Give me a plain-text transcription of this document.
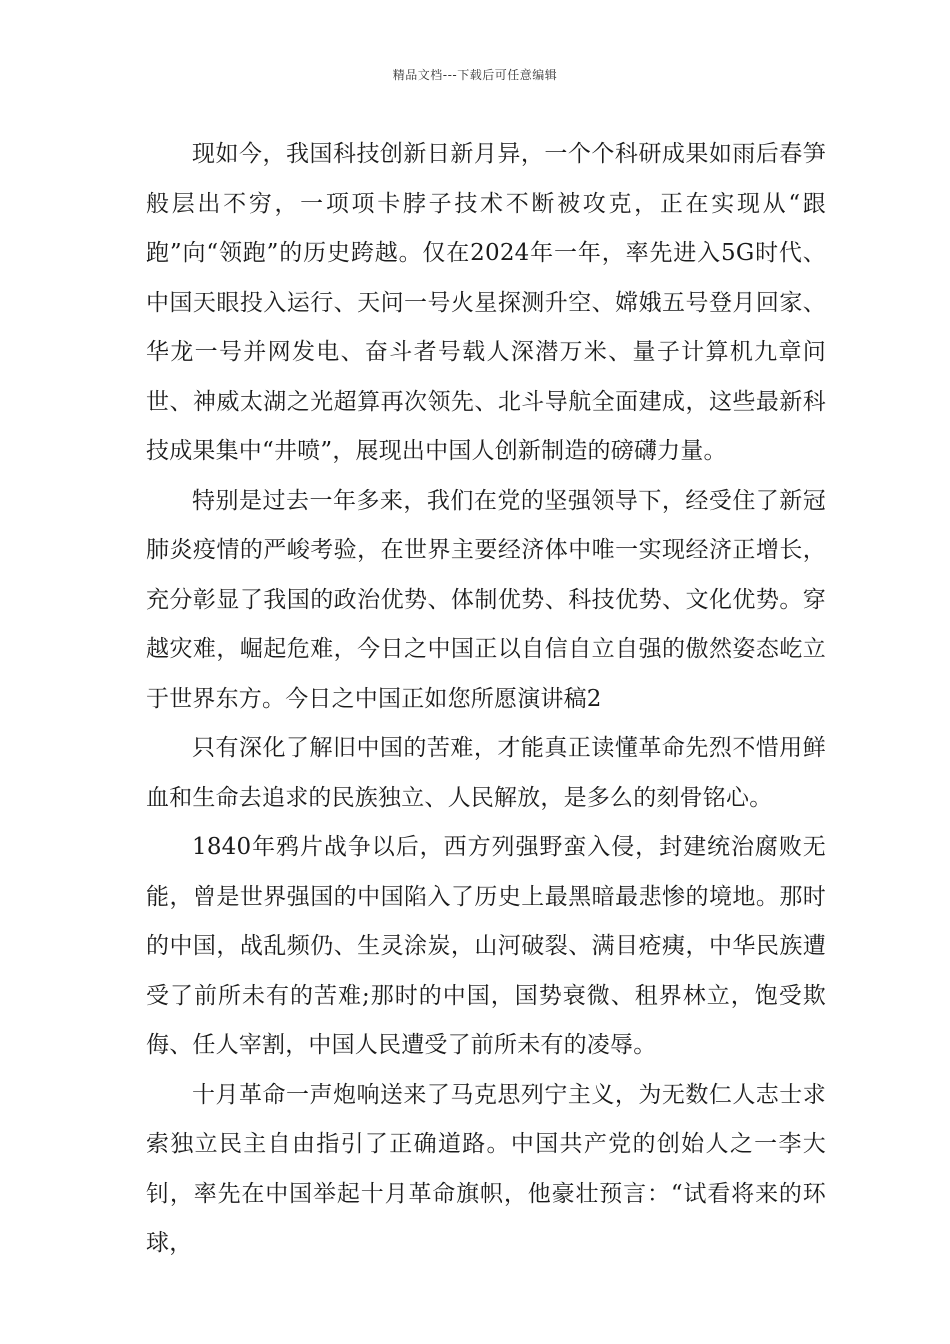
精品文档---下载后可任意编辑

现如今，我国科技创新日新月异，一个个科研成果如雨后春笋般层出不穷，一项项卡脖子技术不断被攻克，正在实现从“跟跑”向“领跑”的历史跨越。仅在2024年一年，率先进入5G时代、中国天眼投入运行、天问一号火星探测升空、嫦娥五号登月回家、华龙一号并网发电、奋斗者号载人深潜万米、量子计算机九章问世、神威太湖之光超算再次领先、北斗导航全面建成，这些最新科技成果集中“井喷”，展现出中国人创新制造的磅礴力量。

特别是过去一年多来，我们在党的坚强领导下，经受住了新冠肺炎疫情的严峻考验，在世界主要经济体中唯一实现经济正增长，充分彰显了我国的政治优势、体制优势、科技优势、文化优势。穿越灾难，崛起危难，今日之中国正以自信自立自强的傲然姿态屹立于世界东方。今日之中国正如您所愿演讲稿2

只有深化了解旧中国的苦难，才能真正读懂革命先烈不惜用鲜血和生命去追求的民族独立、人民解放，是多么的刻骨铭心。

1840年鸦片战争以后，西方列强野蛮入侵，封建统治腐败无能，曾是世界强国的中国陷入了历史上最黑暗最悲惨的境地。那时的中国，战乱频仍、生灵涂炭，山河破裂、满目疮痍，中华民族遭受了前所未有的苦难;那时的中国，国势衰微、租界林立，饱受欺侮、任人宰割，中国人民遭受了前所未有的凌辱。

十月革命一声炮响送来了马克思列宁主义，为无数仁人志士求索独立民主自由指引了正确道路。中国共产党的创始人之一李大钊，率先在中国举起十月革命旗帜，他豪壮预言：“试看将来的环球，
